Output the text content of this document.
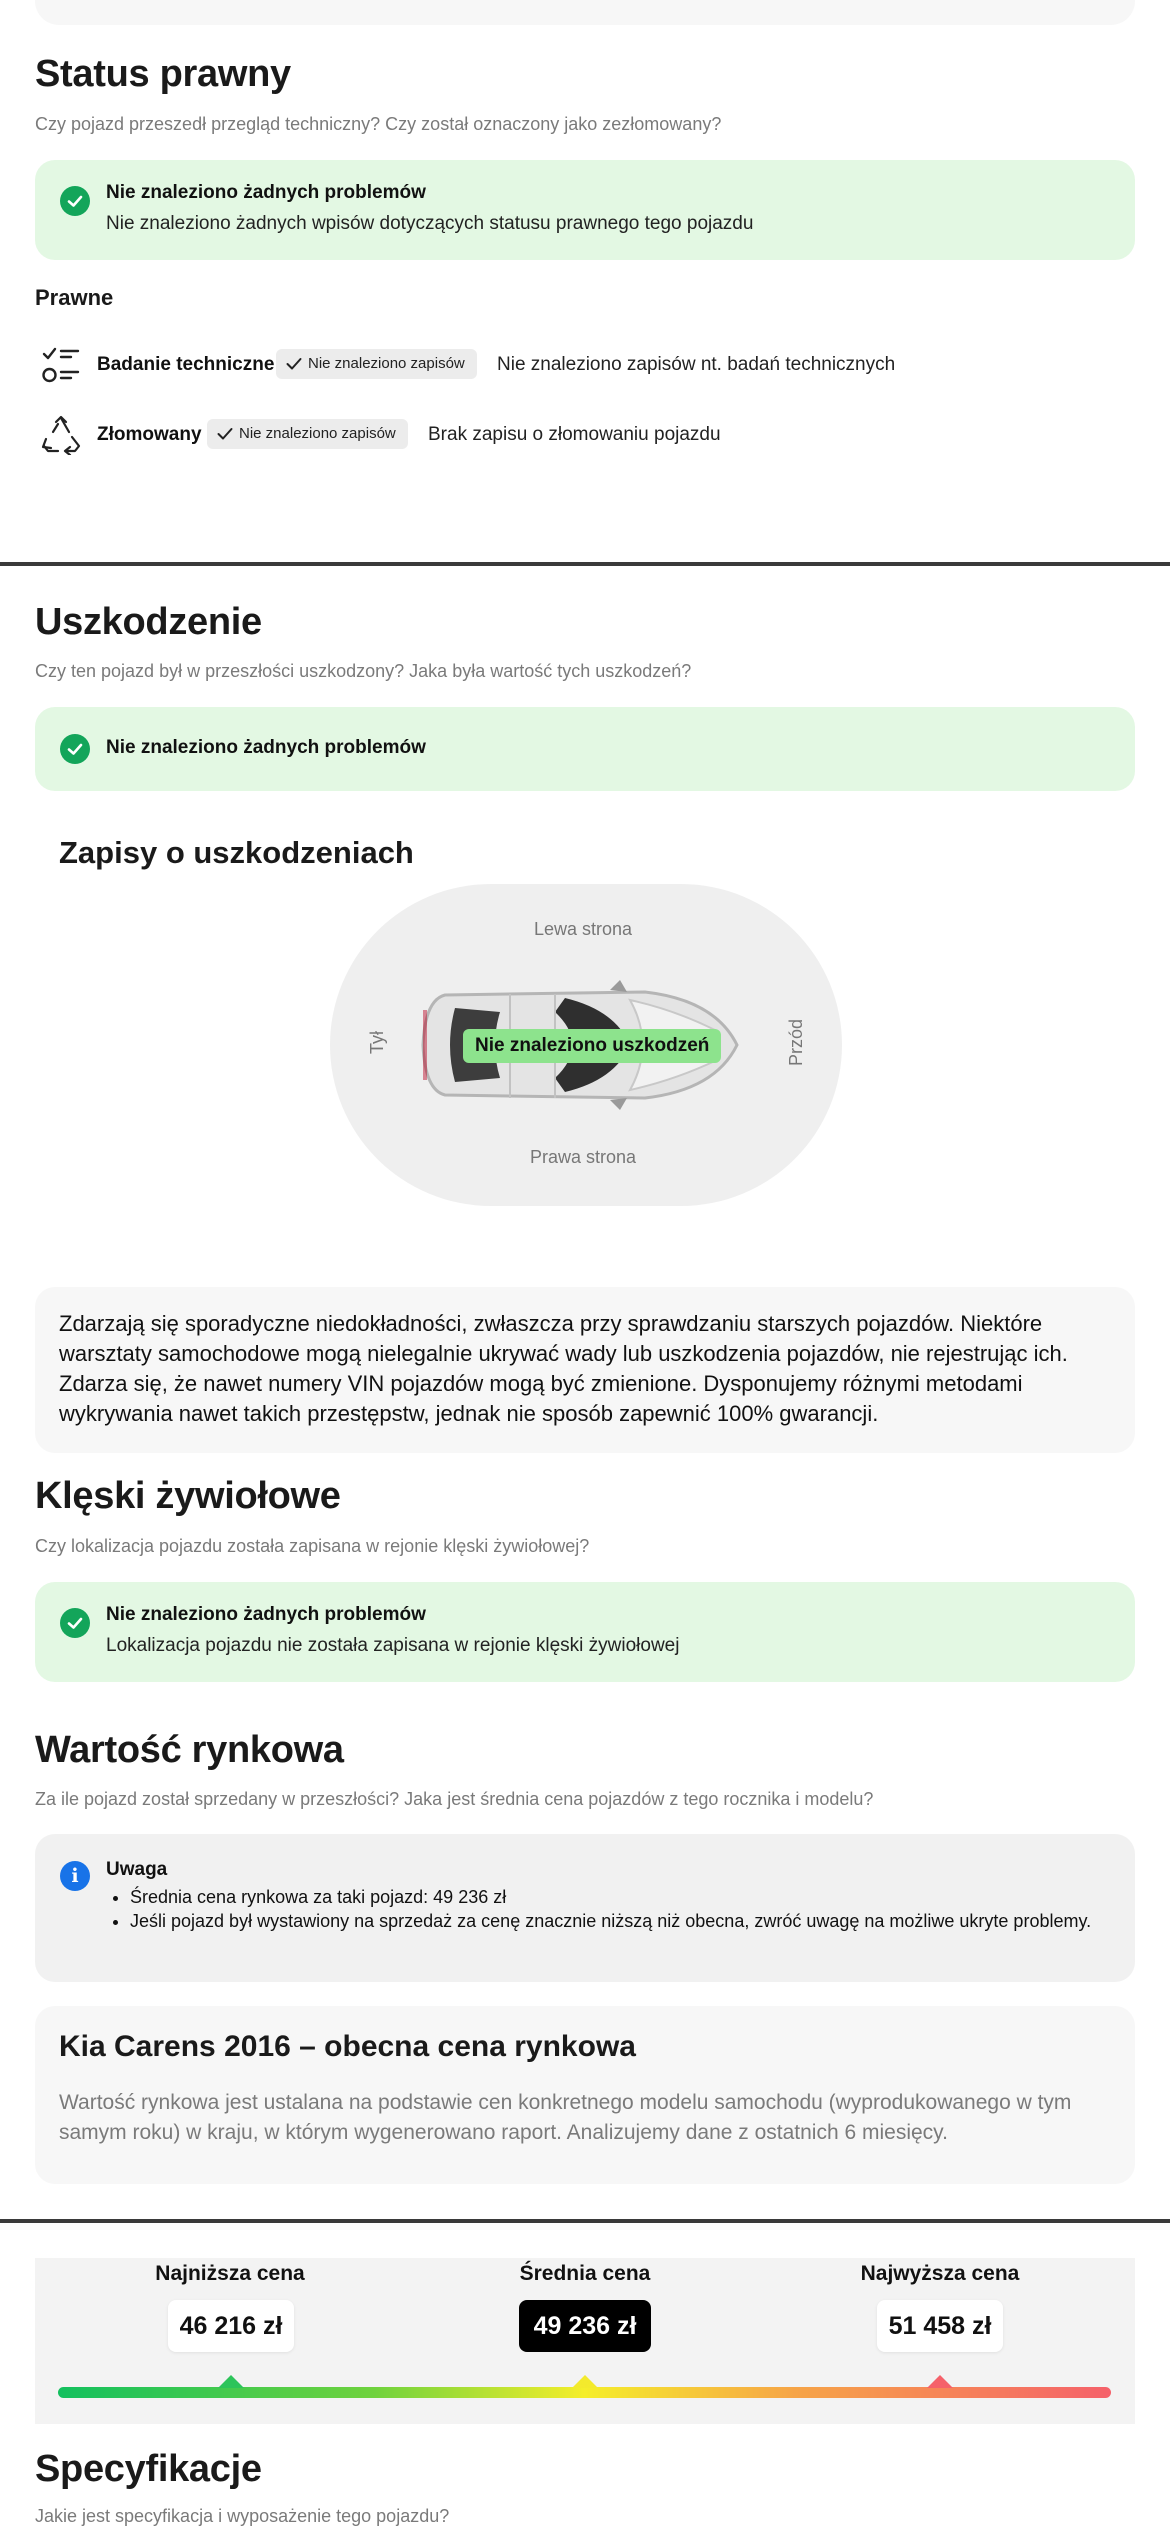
Status prawny
Czy pojazd przeszedł przegląd techniczny? Czy został oznaczony jako zezłomowany?
Nie znaleziono żadnych problemów
Nie znaleziono żadnych wpisów dotyczących statusu prawnego tego pojazdu
Prawne
Badanie techniczne	Nie znaleziono zapisów	Nie znaleziono zapisów nt. badań technicznych
Złomowany	Nie znaleziono zapisów	Brak zapisu o złomowaniu pojazdu
Uszkodzenie
Czy ten pojazd był w przeszłości uszkodzony? Jaka była wartość tych uszkodzeń?
Nie znaleziono żadnych problemów
Zapisy o uszkodzeniach
Lewa strona
Prawa strona
Tył	Przód
Nie znaleziono uszkodzeń

Zdarzają się sporadyczne niedokładności, zwłaszcza przy sprawdzaniu starszych pojazdów. Niektóre warsztaty samochodowe mogą nielegalnie ukrywać wady lub uszkodzenia pojazdów, nie rejestrując ich. Zdarza się, że nawet numery VIN pojazdów mogą być zmienione. Dysponujemy różnymi metodami wykrywania nawet takich przestępstw, jednak nie sposób zapewnić 100% gwarancji.

Klęski żywiołowe
Czy lokalizacja pojazdu została zapisana w rejonie klęski żywiołowej?
Nie znaleziono żadnych problemów
Lokalizacja pojazdu nie została zapisana w rejonie klęski żywiołowej
Wartość rynkowa
Za ile pojazd został sprzedany w przeszłości? Jaka jest średnia cena pojazdów z tego rocznika i modelu?
i	Uwaga
• Średnia cena rynkowa za taki pojazd: 49 236 zł
• Jeśli pojazd był wystawiony na sprzedaż za cenę znacznie niższą niż obecna, zwróć uwagę na możliwe ukryte problemy.
Kia Carens 2016 – obecna cena rynkowa
Wartość rynkowa jest ustalana na podstawie cen konkretnego modelu samochodu (wyprodukowanego w tym samym roku) w kraju, w którym wygenerowano raport. Analizujemy dane z ostatnich 6 miesięcy.
Najniższa cena	Średnia cena	Najwyższa cena
46 216 zł	49 236 zł	51 458 zł
Specyfikacje
Jakie jest specyfikacja i wyposażenie tego pojazdu?
